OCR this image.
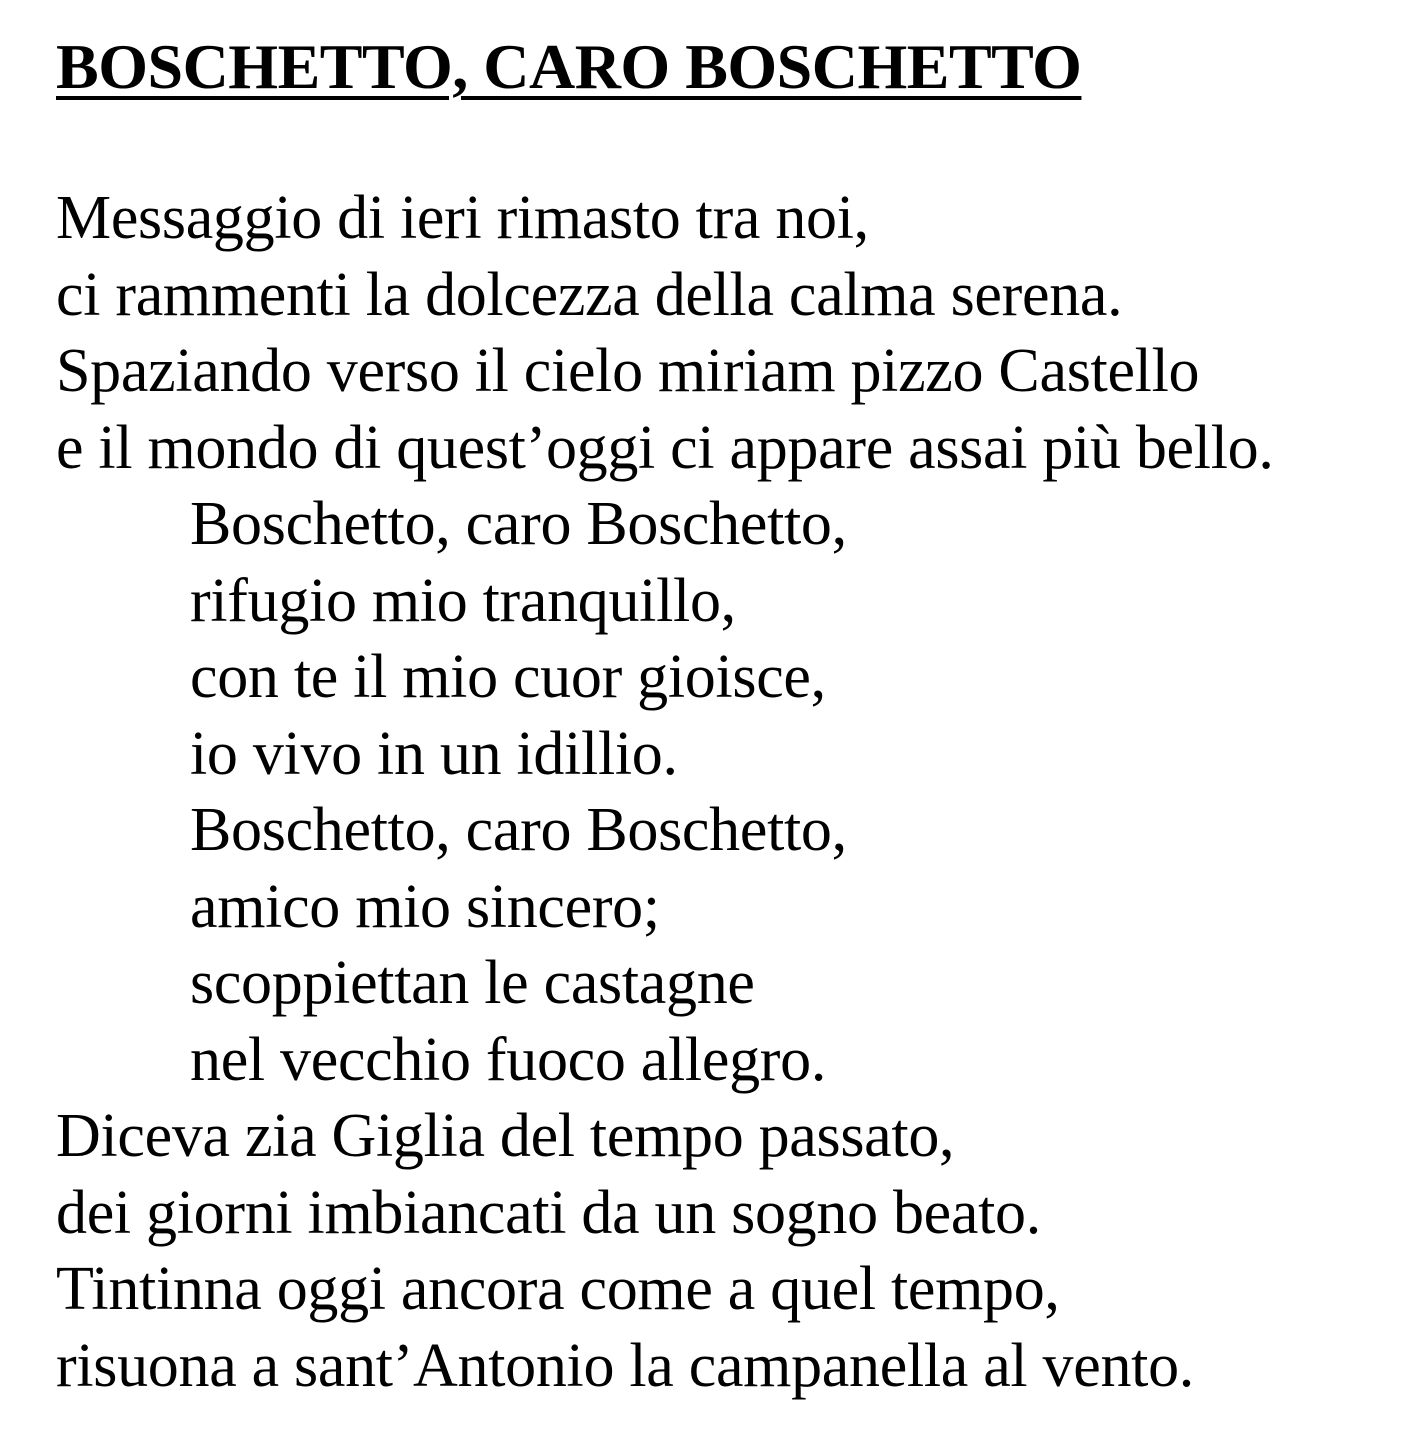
BOSCHETTO, CARO BOSCHETTO
Messaggio di ieri rimasto tra noi,
ci rammenti la dolcezza della calma serena.
Spaziando verso il cielo miriam pizzo Castello
e il mondo di quest’oggi ci appare assai più bello.
Boschetto, caro Boschetto,
rifugio mio tranquillo,
con te il mio cuor gioisce,
io vivo in un idillio.
Boschetto, caro Boschetto,
amico mio sincero;
scoppiettan le castagne
nel vecchio fuoco allegro.
Diceva zia Giglia del tempo passato,
dei giorni imbiancati da un sogno beato.
Tintinna oggi ancora come a quel tempo,
risuona a sant’Antonio la campanella al vento.
